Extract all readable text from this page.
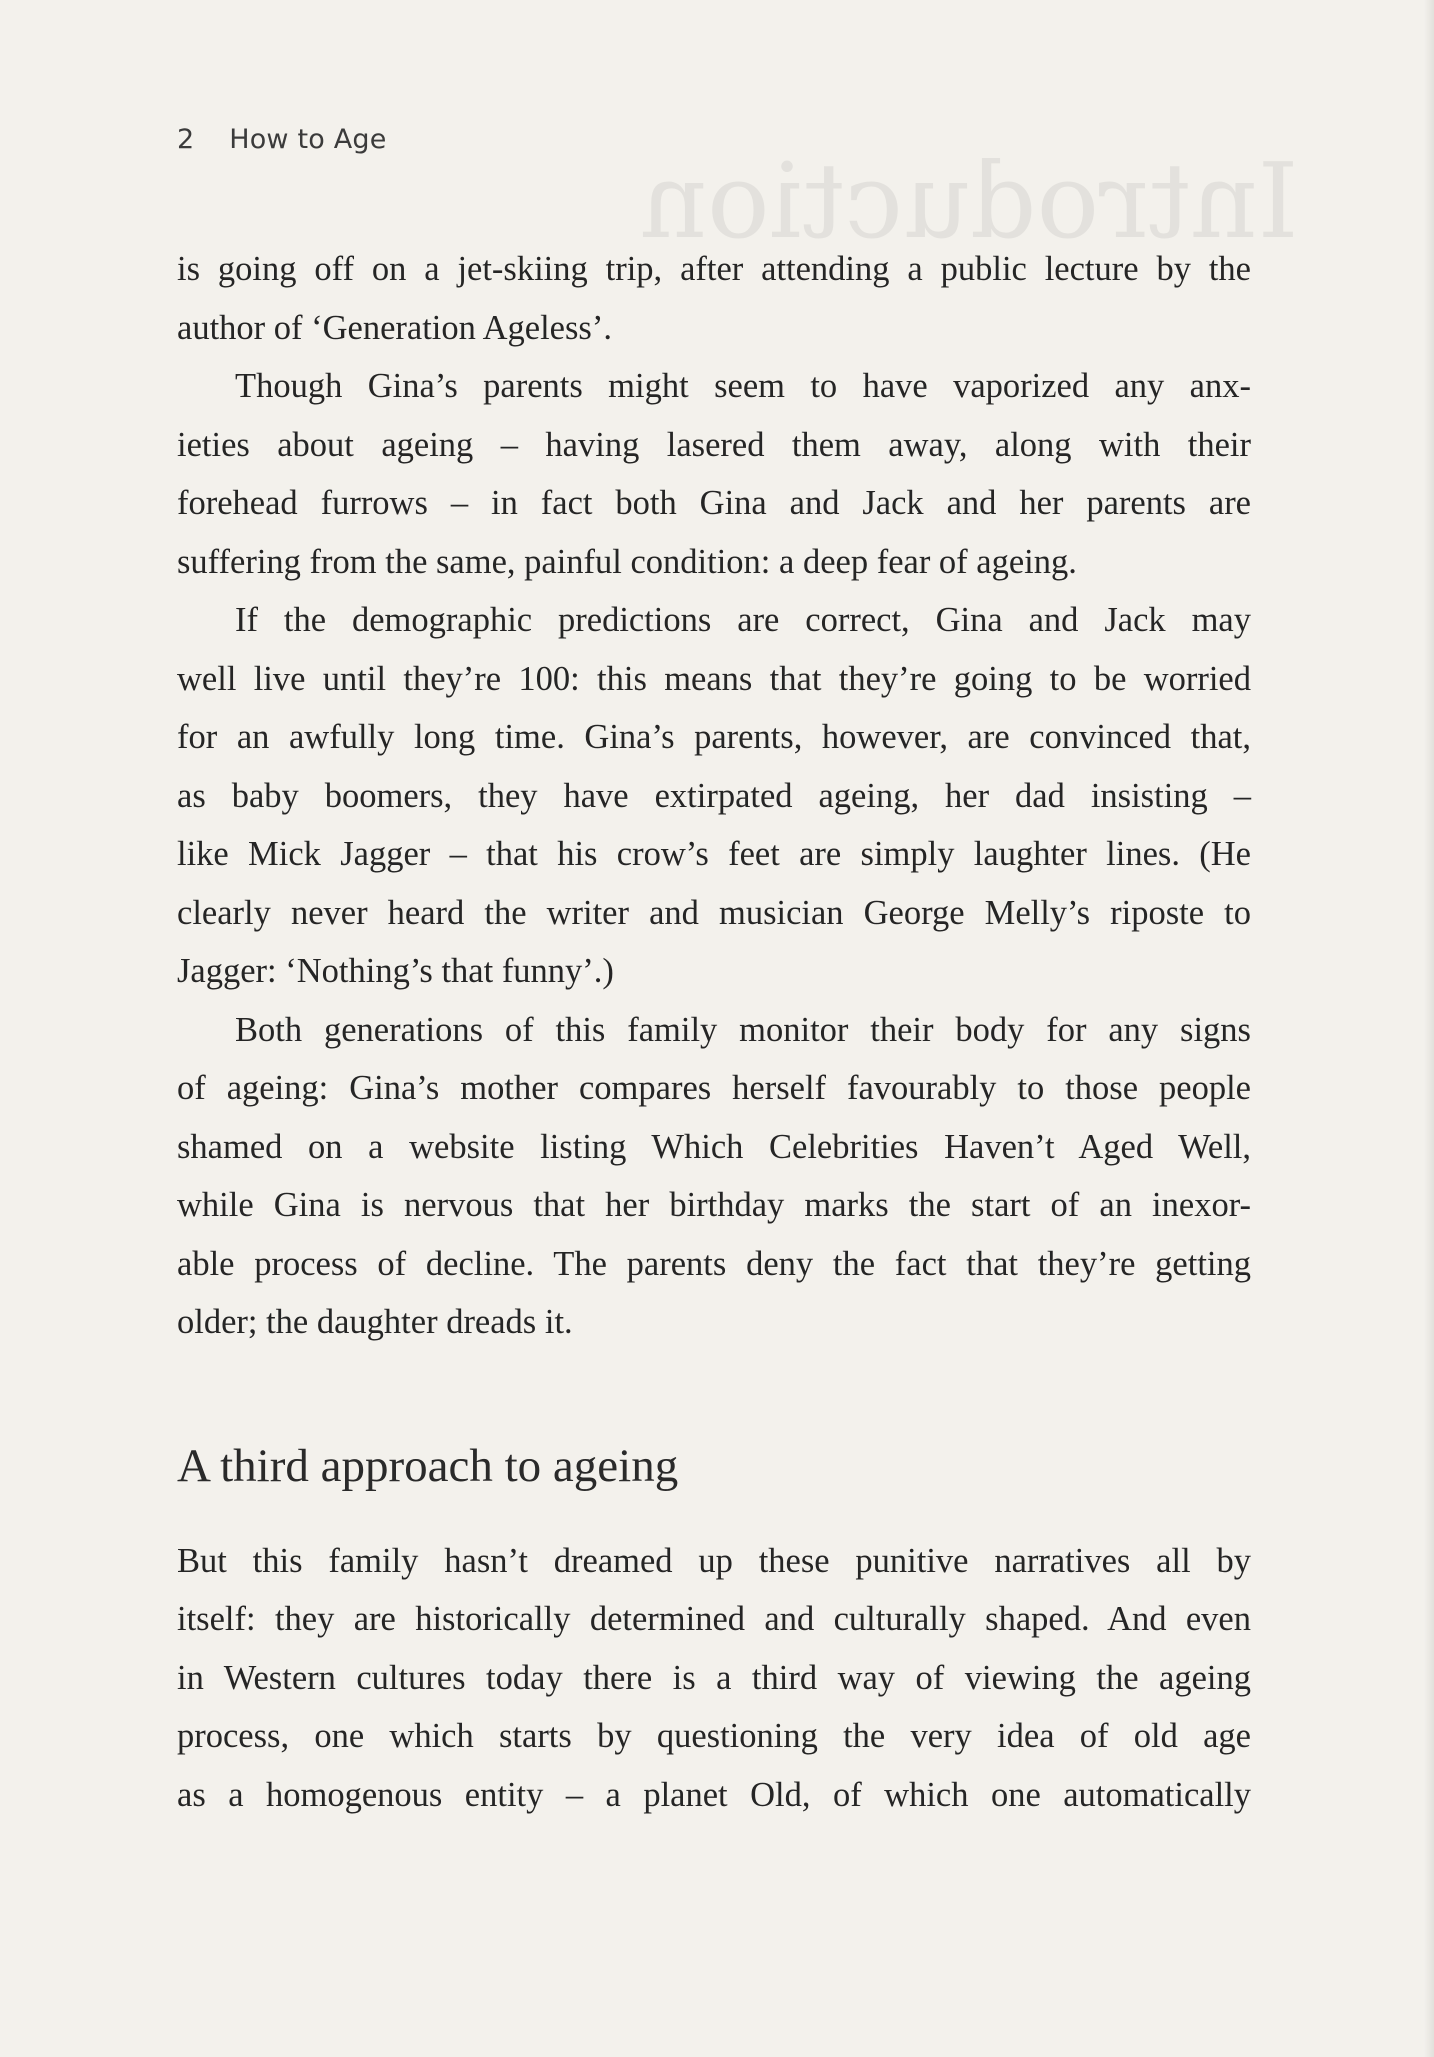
Introduction
2 How to Age
is going off on a jet-skiing trip, after attending a public lecture by the
author of ‘Generation Ageless’.
Though Gina’s parents might seem to have vaporized any anx-
ieties about ageing – having lasered them away, along with their
forehead furrows – in fact both Gina and Jack and her parents are
suffering from the same, painful condition: a deep fear of ageing.
If the demographic predictions are correct, Gina and Jack may
well live until they’re 100: this means that they’re going to be worried
for an awfully long time. Gina’s parents, however, are convinced that,
as baby boomers, they have extirpated ageing, her dad insisting –
like Mick Jagger – that his crow’s feet are simply laughter lines. (He
clearly never heard the writer and musician George Melly’s riposte to
Jagger: ‘Nothing’s that funny’.)
Both generations of this family monitor their body for any signs
of ageing: Gina’s mother compares herself favourably to those people
shamed on a website listing Which Celebrities Haven’t Aged Well,
while Gina is nervous that her birthday marks the start of an inexor-
able process of decline. The parents deny the fact that they’re getting
older; the daughter dreads it.
A third approach to ageing
But this family hasn’t dreamed up these punitive narratives all by
itself: they are historically determined and culturally shaped. And even
in Western cultures today there is a third way of viewing the ageing
process, one which starts by questioning the very idea of old age
as a homogenous entity – a planet Old, of which one automatically
